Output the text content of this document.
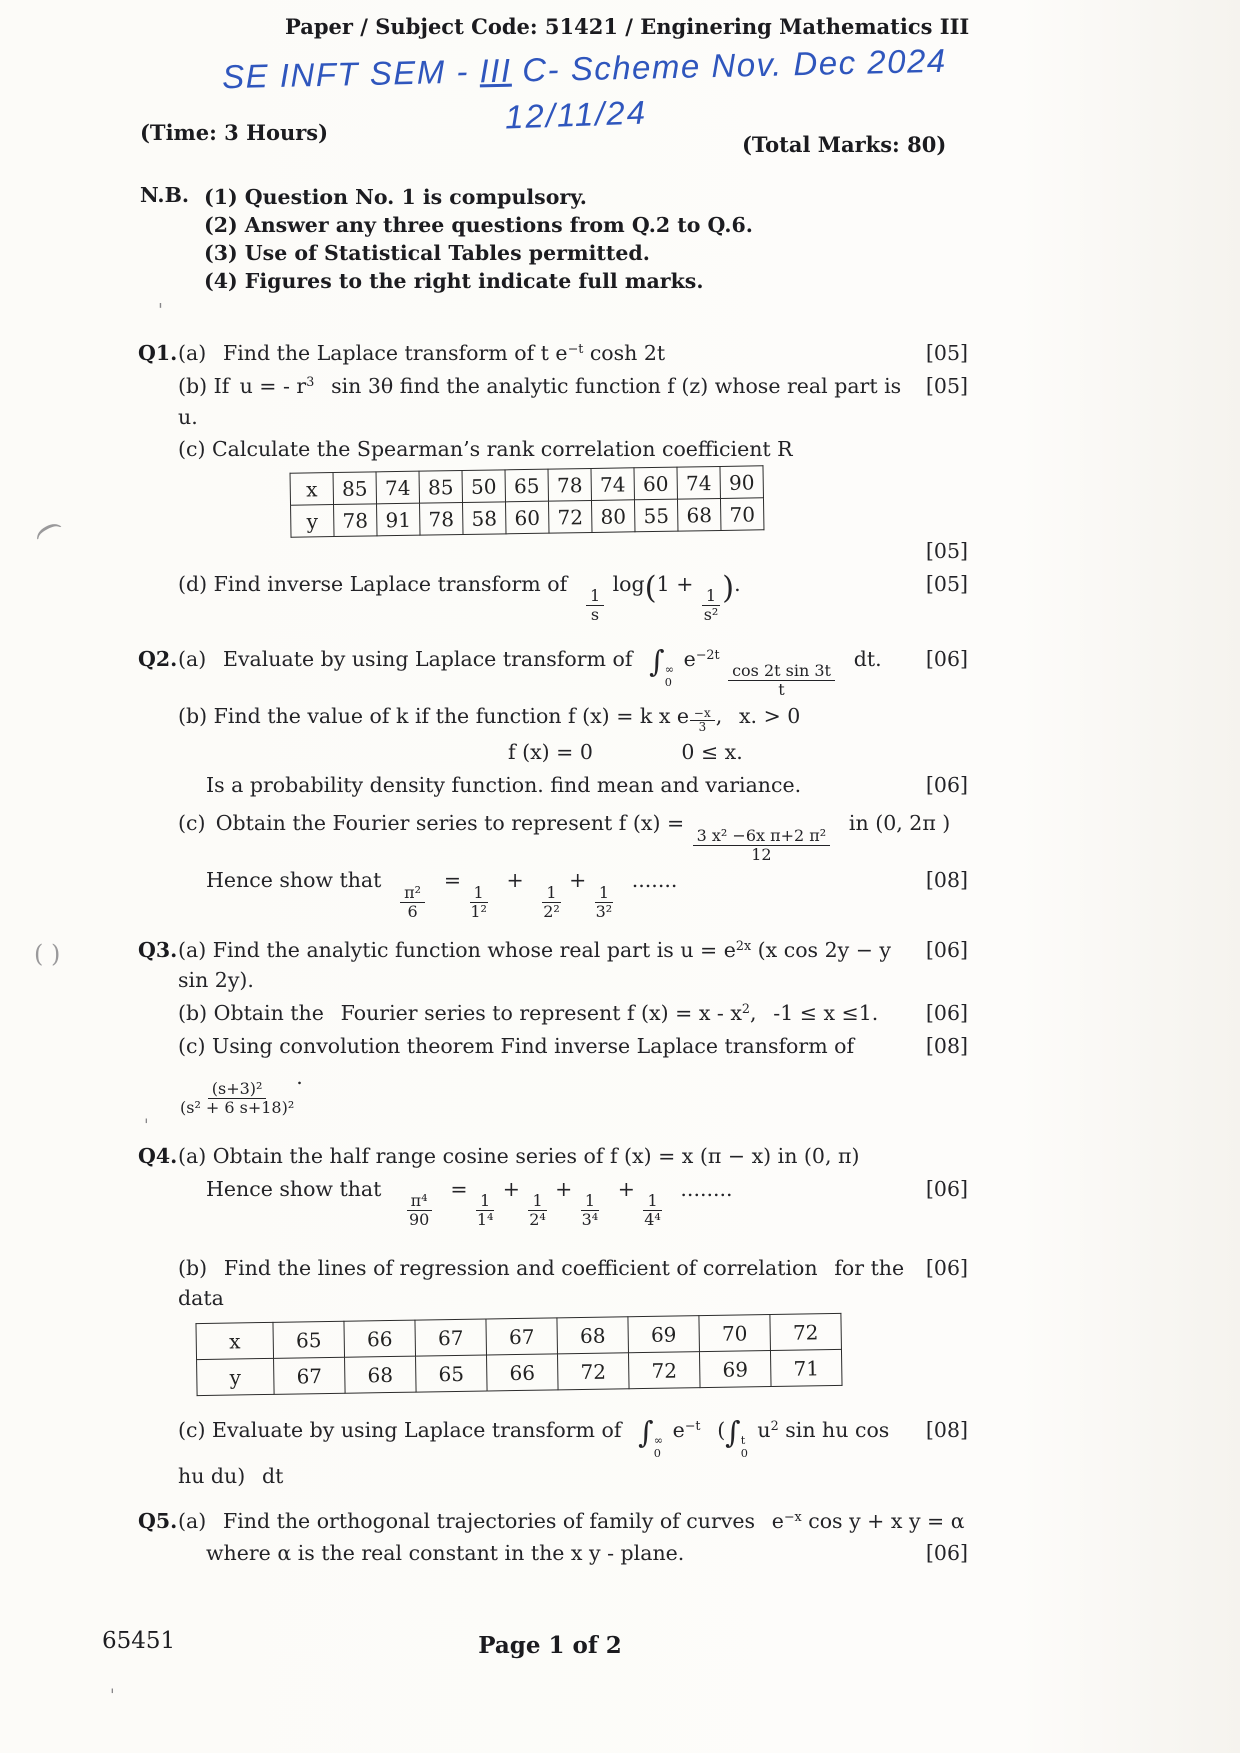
Paper / Subject Code: 51421 / Enginering Mathematics III
SE INFT SEM - III C- Scheme Nov. Dec 2024
12/11/24
(Time: 3 Hours)	(Total Marks: 80)
N.B. (1) Question No. 1 is compulsory.
(2) Answer any three questions from Q.2 to Q.6.
(3) Use of Statistical Tables permitted.
(4) Figures to the right indicate full marks.
Q1. (a)  Find the Laplace transform of t $e^{-t}$ cosh 2t	[05]
(b) If u = - $r^3$  sin 3θ find the analytic function f (z) whose real part is u.
[05]
(c) Calculate the Spearman’s rank correlation coefficient R
x	85	74	85	50	65	78	74	60	74	90
y	78	91	78	58	60	72	80	55	68	70
[05]
(d) Find inverse Laplace transform of  
$\frac{1}{s}$
log(1 +
$\frac{1}{\text{s²}}$ ).	[05]
Q2. (a)  Evaluate by using Laplace transform of  ∫ ∞
0
$e^{-2t}$
$\frac{\text{cos 2t sin 3t}}{t}$
 dt.	[06]
(b) Find the value of k if the function f (x) = k x e $\frac{-x}{3}$ ,  x. > 0
f (x) = 0     0 ≤ x.
Is a probability density function. find mean and variance.	[06]
(c) Obtain the Fourier series to represent f (x) =
$\frac{\text{3 x² −6x π+2 π²}}{12}$
 in (0, 2π )
Hence show that  
$\frac{\text{π²}}{6}$
  =
$\frac{1}{\text{1²}}$
 +  
$\frac{1}{\text{2²}}$
+
$\frac{1}{\text{3²}}$
 .......	[08]
Q3. (a) Find the analytic function whose real part is $u = e^{2x}$ (x cos 2y − y sin 2y).
[06]
(b) Obtain the  Fourier series to represent f $(x) = x - x^2$,  -1 ≤ x ≤1.	[06]
(c) Using convolution theorem Find inverse Laplace transform of
$\frac{\text{(s+3)²}}{\text{(s² + 6 s+18)²}}$
.
[08]
Q4. (a) Obtain the half range cosine series of f (x) = x (π − x) in (0, π)
Hence show that  
$\frac{\text{π⁴}}{90}$
 =
$\frac{1}{\text{1⁴}}$
+
$\frac{1}{\text{2⁴}}$
+
$\frac{1}{\text{3⁴}}$
 +
$\frac{1}{\text{4⁴}}$
 ........	[06]
(b)  Find the lines of regression and coefficient of correlation  for the data
[06]
x	65	66	67	67	68	69	70	72
y	67	68	65	66	72	72	69	71
(c) Evaluate by using Laplace transform of  ∫ ∞
0
$e^{-t}$  (∫ t
0
$u^2$ sin hu cos hu du)  dt
[08]
Q5. (a)  Find the orthogonal trajectories of family of curves  $e^{-x}$ cos y + x y = α
where α is the real constant in the x y - plane.	[06]
65451	Page 1 of 2
'
(
( )
'
'
